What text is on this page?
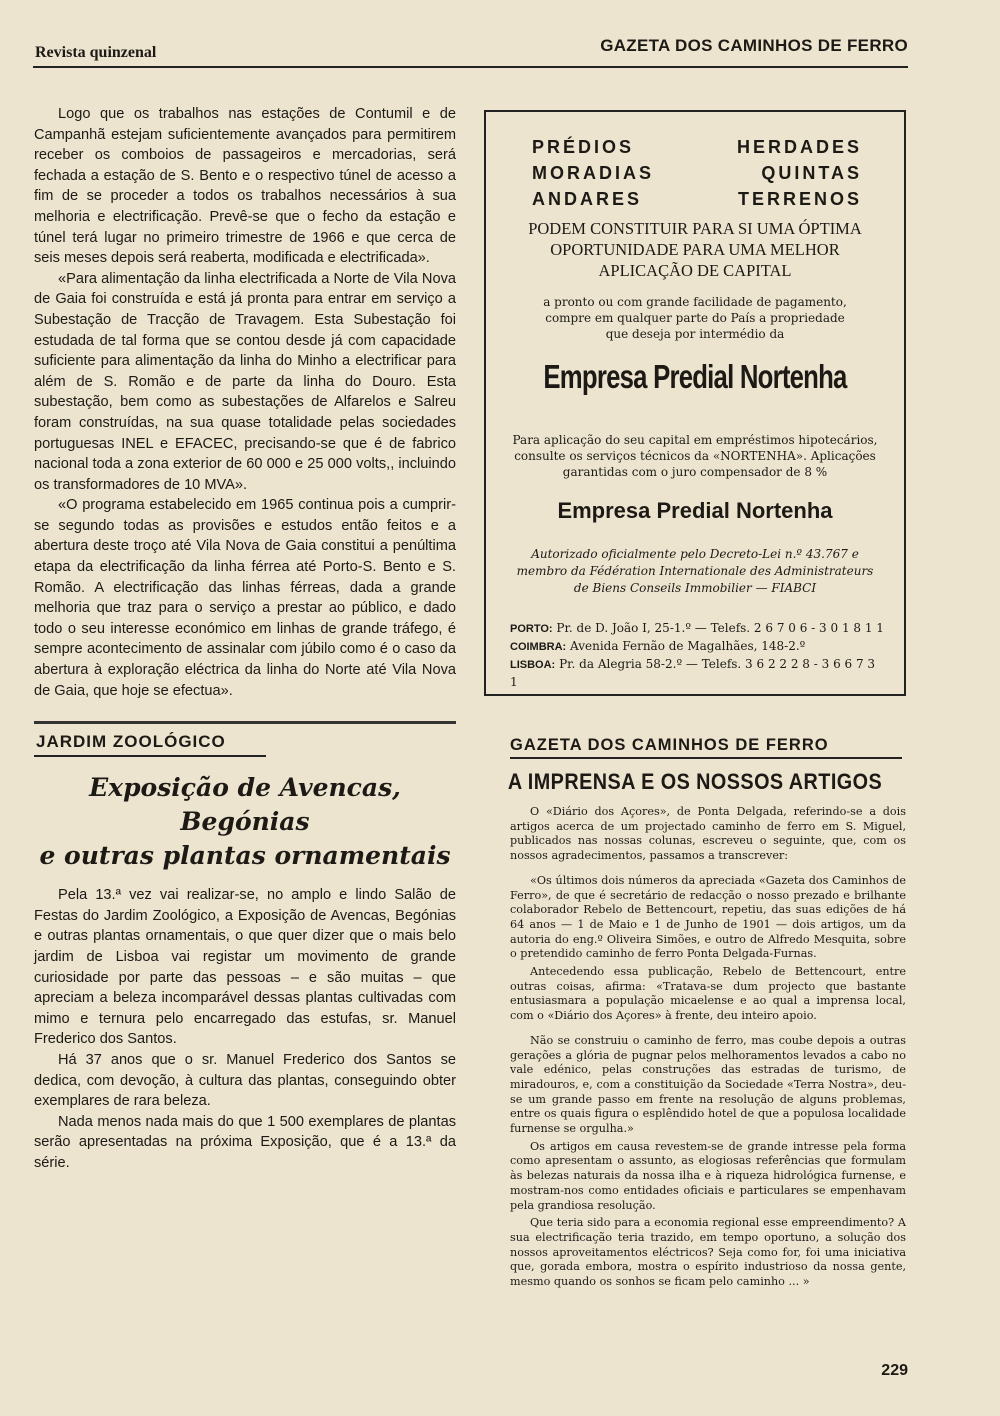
Revista quinzenal	GAZETA DOS CAMINHOS DE FERRO

Logo que os trabalhos nas estações de Contumil e de Campanhã estejam suficientemente avançados para permitirem receber os comboios de passageiros e mercadorias, será fechada a estação de S. Bento e o respectivo túnel de acesso a fim de se proceder a todos os trabalhos necessários à sua melhoria e electrificação. Prevê-se que o fecho da estação e túnel terá lugar no primeiro trimestre de 1966 e que cerca de seis meses depois será reaberta, modificada e electrificada».

«Para alimentação da linha electrificada a Norte de Vila Nova de Gaia foi construída e está já pronta para entrar em serviço a Subestação de Tracção de Travagem. Esta Subestação foi estudada de tal forma que se contou desde já com capacidade suficiente para alimentação da linha do Minho a electrificar para além de S. Romão e de parte da linha do Douro. Esta subestação, bem como as subestações de Alfarelos e Salreu foram construídas, na sua quase totalidade pelas sociedades portuguesas INEL e EFACEC, precisando-se que é de fabrico nacional toda a zona exterior de 60 000 e 25 000 volts,, incluindo os transformadores de 10 MVA».

«O programa estabelecido em 1965 continua pois a cumprir-se segundo todas as provisões e estudos então feitos e a abertura deste troço até Vila Nova de Gaia constitui a penúltima etapa da electrificação da linha férrea até Porto-S. Bento e S. Romão. A electrificação das linhas férreas, dada a grande melhoria que traz para o serviço a prestar ao público, e dado todo o seu interesse económico em linhas de grande tráfego, é sempre acontecimento de assinalar com júbilo como é o caso da abertura à exploração eléctrica da linha do Norte até Vila Nova de Gaia, que hoje se efectua».

JARDIM ZOOLÓGICO
Exposição de Avencas, Begónias
e outras plantas ornamentais

Pela 13.ª vez vai realizar-se, no amplo e lindo Salão de Festas do Jardim Zoológico, a Exposição de Avencas, Begónias e outras plantas ornamentais, o que quer dizer que o mais belo jardim de Lisboa vai registar um movimento de grande curiosidade por parte das pessoas – e são muitas – que apreciam a beleza incomparável dessas plantas cultivadas com mimo e ternura pelo encarregado das estufas, sr. Manuel Frederico dos Santos.

Há 37 anos que o sr. Manuel Frederico dos Santos se dedica, com devoção, à cultura das plantas, conseguindo obter exemplares de rara beleza.

Nada menos nada mais do que 1 500 exemplares de plantas serão apresentadas na próxima Exposição, que é a 13.ª da série.

PRÉDIOS	HERDADES
MORADIAS	QUINTAS
ANDARES	TERRENOS
PODEM CONSTITUIR PARA SI UMA ÓPTIMA OPORTUNIDADE PARA UMA MELHOR APLICAÇÃO DE CAPITAL
a pronto ou com grande facilidade de pagamento, compre em qualquer parte do País a propriedade que deseja por intermédio da
Empresa Predial Nortenha
Para aplicação do seu capital em empréstimos hipotecários, consulte os serviços técnicos da «NORTENHA». Aplicações garantidas com o juro compensador de 8 %
Empresa Predial Nortenha
Autorizado oficialmente pelo Decreto-Lei n.º 43.767 e membro da Fédération Internationale des Administrateurs de Biens Conseils Immobilier — FIABCI
PORTO: Pr. de D. João I, 25-1.º — Telefs. 2 6 7 0 6 - 3 0 1 8 1 1
COIMBRA: Avenida Fernão de Magalhães, 148-2.º
LISBOA: Pr. da Alegria 58-2.º — Telefs. 3 6 2 2 2 8 - 3 6 6 7 3 1
GAZETA DOS CAMINHOS DE FERRO
A IMPRENSA E OS NOSSOS ARTIGOS

O «Diário dos Açores», de Ponta Delgada, referindo-se a dois artigos acerca de um projectado caminho de ferro em S. Miguel, publicados nas nossas colunas, escreveu o seguinte, que, com os nossos agradecimentos, passamos a transcrever:

«Os últimos dois números da apreciada «Gazeta dos Caminhos de Ferro», de que é secretário de redacção o nosso prezado e brilhante colaborador Rebelo de Bettencourt, repetiu, das suas edições de há 64 anos — 1 de Maio e 1 de Junho de 1901 — dois artigos, um da autoria do eng.º Oliveira Simões, e outro de Alfredo Mesquita, sobre o pretendido caminho de ferro Ponta Delgada-Furnas.

Antecedendo essa publicação, Rebelo de Bettencourt, entre outras coisas, afirma: «Tratava-se dum projecto que bastante entusiasmara a população micaelense e ao qual a imprensa local, com o «Diário dos Açores» à frente, deu inteiro apoio.

Não se construiu o caminho de ferro, mas coube depois a outras gerações a glória de pugnar pelos melhoramentos levados a cabo no vale edénico, pelas construções das estradas de turismo, de miradouros, e, com a constituição da Sociedade «Terra Nostra», deu-se um grande passo em frente na resolução de alguns problemas, entre os quais figura o esplêndido hotel de que a populosa localidade furnense se orgulha.»

Os artigos em causa revestem-se de grande intresse pela forma como apresentam o assunto, as elogiosas referências que formulam às belezas naturais da nossa ilha e à riqueza hidrológica furnense, e mostram-nos como entidades oficiais e particulares se empenhavam pela grandiosa resolução.

Que teria sido para a economia regional esse empreendimento? A sua electrificação teria trazido, em tempo oportuno, a solução dos nossos aproveitamentos eléctricos? Seja como for, foi uma iniciativa que, gorada embora, mostra o espírito industrioso da nossa gente, mesmo quando os sonhos se ficam pelo caminho ... »

229
